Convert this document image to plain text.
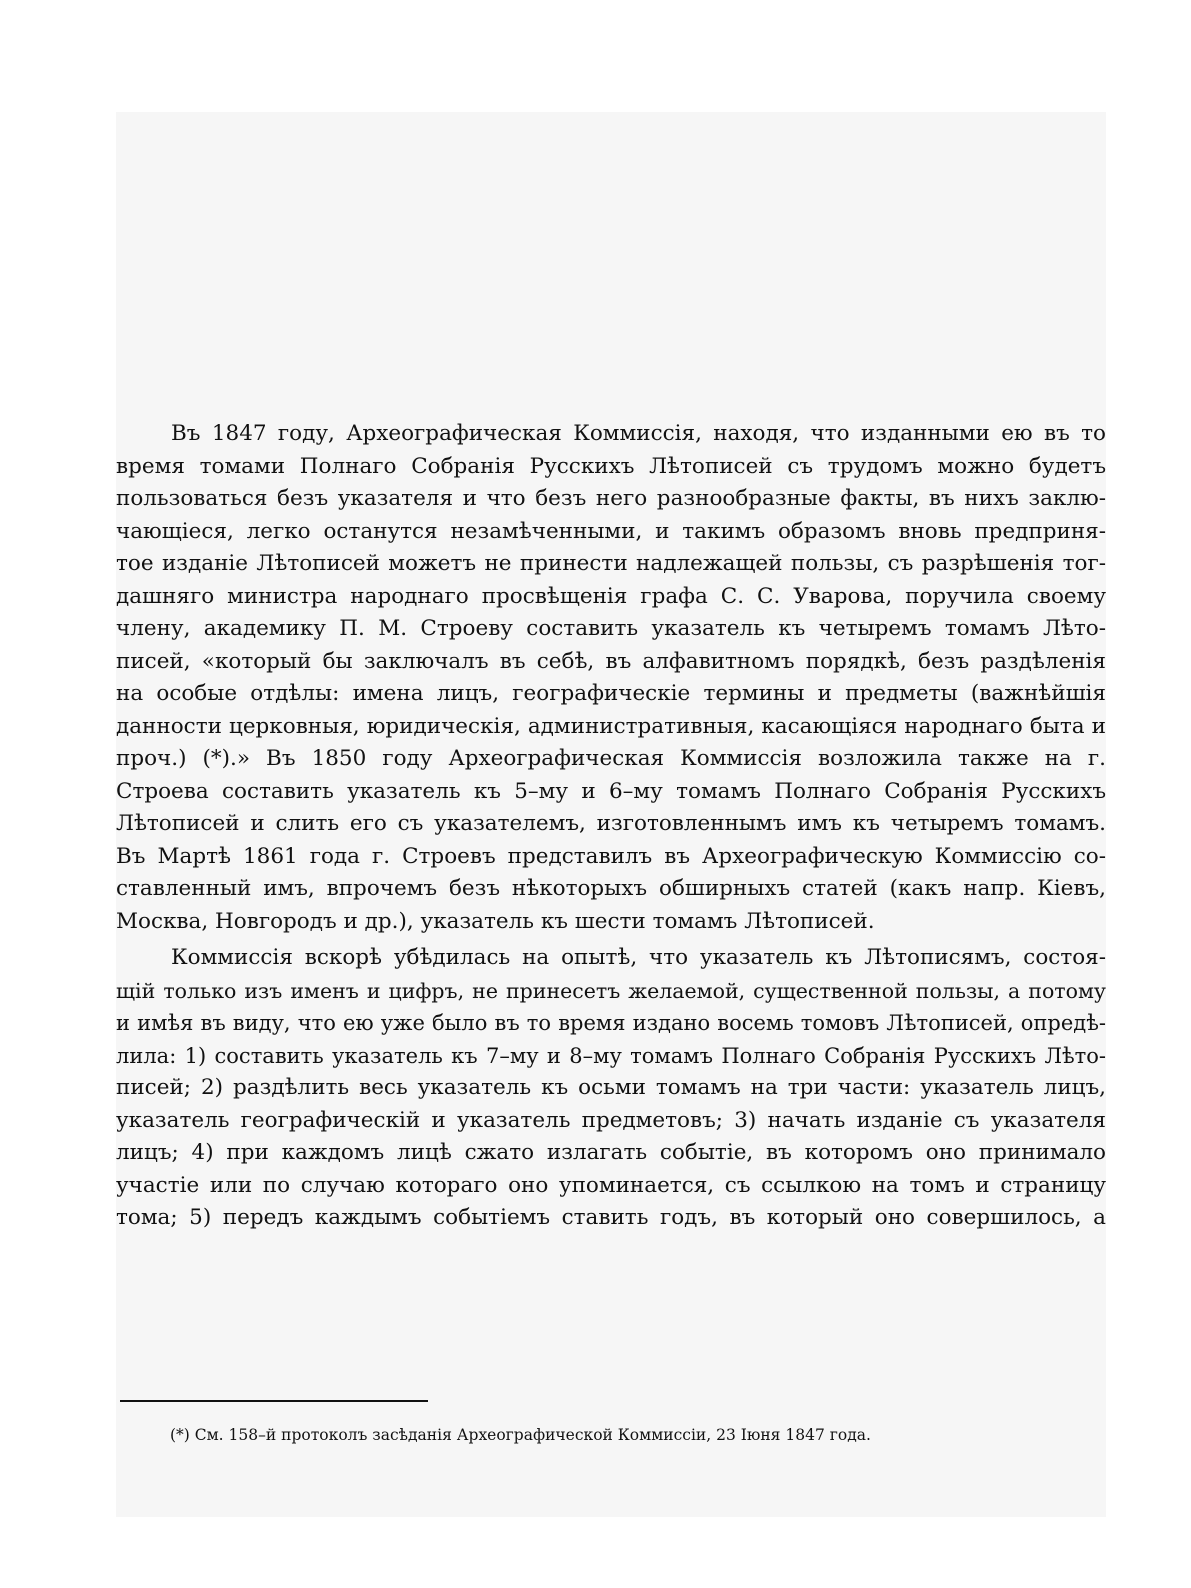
Въ 1847 году, Археографическая Коммиссія, находя, что изданными ею въ то
время томами Полнаго Собранія Русскихъ Лѣтописей съ трудомъ можно будетъ
пользоваться безъ указателя и что безъ него разнообразные факты, въ нихъ заклю-
чающіеся, легко останутся незамѣченными, и такимъ образомъ вновь предприня-
тое изданіе Лѣтописей можетъ не принести надлежащей пользы, съ разрѣшенія тог-
дашняго министра народнаго просвѣщенія графа С. С. Уварова, поручила своему
члену, академику П. М. Строеву составить указатель къ четыремъ томамъ Лѣто-
писей, «который бы заключалъ въ себѣ, въ алфавитномъ порядкѣ, безъ раздѣленія
на особые отдѣлы: имена лицъ, географическіе термины и предметы (важнѣйшія
данности церковныя, юридическія, административныя, касающіяся народнаго быта и
проч.) (*).» Въ 1850 году Археографическая Коммиссія возложила также на г.
Строева составить указатель къ 5–му и 6–му томамъ Полнаго Собранія Русскихъ
Лѣтописей и слить его съ указателемъ, изготовленнымъ имъ къ четыремъ томамъ.
Въ Мартѣ 1861 года г. Строевъ представилъ въ Археографическую Коммиссію со-
ставленный имъ, впрочемъ безъ нѣкоторыхъ обширныхъ статей (какъ напр. Кіевъ,
Москва, Новгородъ и др.), указатель къ шести томамъ Лѣтописей.
Коммиссія вскорѣ убѣдилась на опытѣ, что указатель къ Лѣтописямъ, состоя-
щій только изъ именъ и цифръ, не принесетъ желаемой, существенной пользы, а потому
и имѣя въ виду, что ею уже было въ то время издано восемь томовъ Лѣтописей, опредѣ-
лила: 1) составить указатель къ 7–му и 8–му томамъ Полнаго Собранія Русскихъ Лѣто-
писей; 2) раздѣлить весь указатель къ осьми томамъ на три части: указатель лицъ,
указатель географическій и указатель предметовъ; 3) начать изданіе съ указателя
лицъ; 4) при каждомъ лицѣ сжато излагать событіе, въ которомъ оно принимало
участіе или по случаю котораго оно упоминается, съ ссылкою на томъ и страницу
тома; 5) передъ каждымъ событіемъ ставить годъ, въ который оно совершилось, а
(*) См. 158–й протоколъ засѣданія Археографической Коммиссіи, 23 Іюня 1847 года.
